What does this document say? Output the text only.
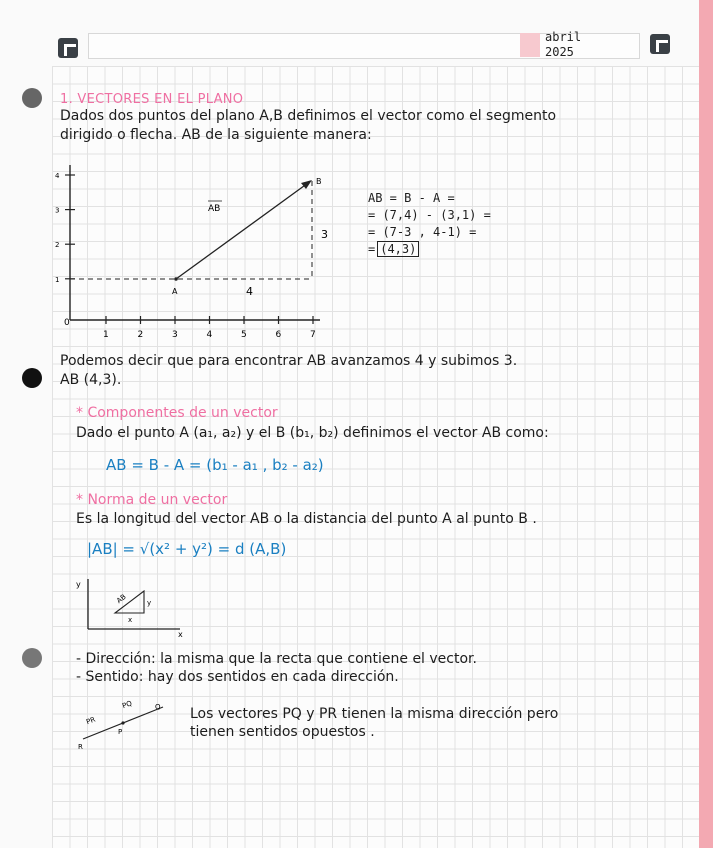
abril
2025
1. VECTORES EN EL PLANO
Dados dos puntos del plano A,B definimos el vector como el segmento
dirigido o flecha. AB de la siguiente manera:
1	2	3	4	5	6	7
4
3
2
1
A
B
AB
4
3
0
AB = B - A =
= (7,4) - (3,1) =
= (7-3 , 4-1) =
= (4,3)
Podemos decir que para encontrar AB avanzamos 4 y subimos 3.
AB (4,3).
* Componentes de un vector
Dado el punto A (a₁, a₂) y el B (b₁, b₂) definimos el vector AB como:
AB = B - A = (b₁ - a₁ , b₂ - a₂)
* Norma de un vector
Es la longitud del vector AB o la distancia del punto A al punto B .
|AB| = √(x² + y²) = d (A,B)
y
x
AB	y
x
- Dirección: la misma que la recta que contiene el vector.
- Sentido: hay dos sentidos en cada dirección.
R
P
Q
PR
PQ
Los vectores PQ y PR tienen la misma dirección pero
tienen sentidos opuestos .
